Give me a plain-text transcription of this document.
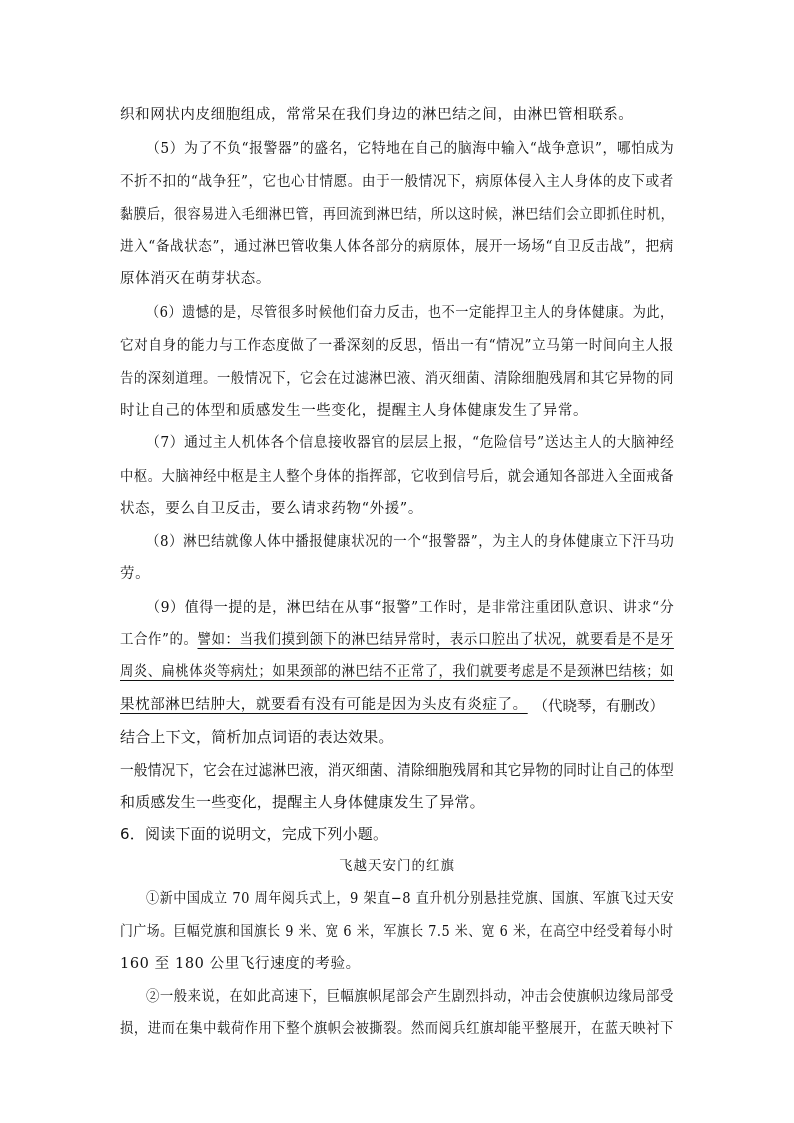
织和网状内皮细胞组成，常常呆在我们身边的淋巴结之间，由淋巴管相联系。
（5）为了不负“报警器”的盛名，它特地在自己的脑海中输入“战争意识”，哪怕成为
不折不扣的“战争狂”，它也心甘情愿。由于一般情况下，病原体侵入主人身体的皮下或者
黏膜后，很容易进入毛细淋巴管，再回流到淋巴结，所以这时候，淋巴结们会立即抓住时机，
进入“备战状态”，通过淋巴管收集人体各部分的病原体，展开一场场“自卫反击战”，把病
原体消灭在萌芽状态。
（6）遗憾的是，尽管很多时候他们奋力反击，也不一定能捍卫主人的身体健康。为此，
它对自身的能力与工作态度做了一番深刻的反思，悟出一有“情况”立马第一时间向主人报
告的深刻道理。一般情况下，它会在过滤淋巴液、消灭细菌、清除细胞残屑和其它异物的同
时让自己的体型和质感发生一些变化，提醒主人身体健康发生了异常。
（7）通过主人机体各个信息接收器官的层层上报，“危险信号”送达主人的大脑神经
中枢。大脑神经中枢是主人整个身体的指挥部，它收到信号后，就会通知各部进入全面戒备
状态，要么自卫反击，要么请求药物“外援”。
（8）淋巴结就像人体中播报健康状况的一个“报警器”，为主人的身体健康立下汗马功
劳。
（9）值得一提的是，淋巴结在从事“报警”工作时，是非常注重团队意识、讲求“分
工合作”的。譬如：当我们摸到颌下的淋巴结异常时，表示口腔出了状况，就要看是不是牙
周炎、扁桃体炎等病灶；如果颈部的淋巴结不正常了，我们就要考虑是不是颈淋巴结核；如
果枕部淋巴结肿大，就要看有没有可能是因为头皮有炎症了。 （代晓琴，有删改）
结合上下文，简析加点词语的表达效果。
一般情况下，它会在过滤淋巴液，消灭细菌、清除细胞残屑和其它异物的同时让自己的体型
和质感发生一些变化，提醒主人身体健康发生了异常。
6．阅读下面的说明文，完成下列小题。
飞越天安门的红旗
①新中国成立 70 周年阅兵式上，9 架直−8 直升机分别悬挂党旗、国旗、军旗飞过天安
门广场。巨幅党旗和国旗长 9 米、宽 6 米，军旗长 7.5 米、宽 6 米，在高空中经受着每小时
160 至 180 公里飞行速度的考验。
②一般来说，在如此高速下，巨幅旗帜尾部会产生剧烈抖动，冲击会使旗帜边缘局部受
损，进而在集中载荷作用下整个旗帜会被撕裂。然而阅兵红旗却能平整展开，在蓝天映衬下
